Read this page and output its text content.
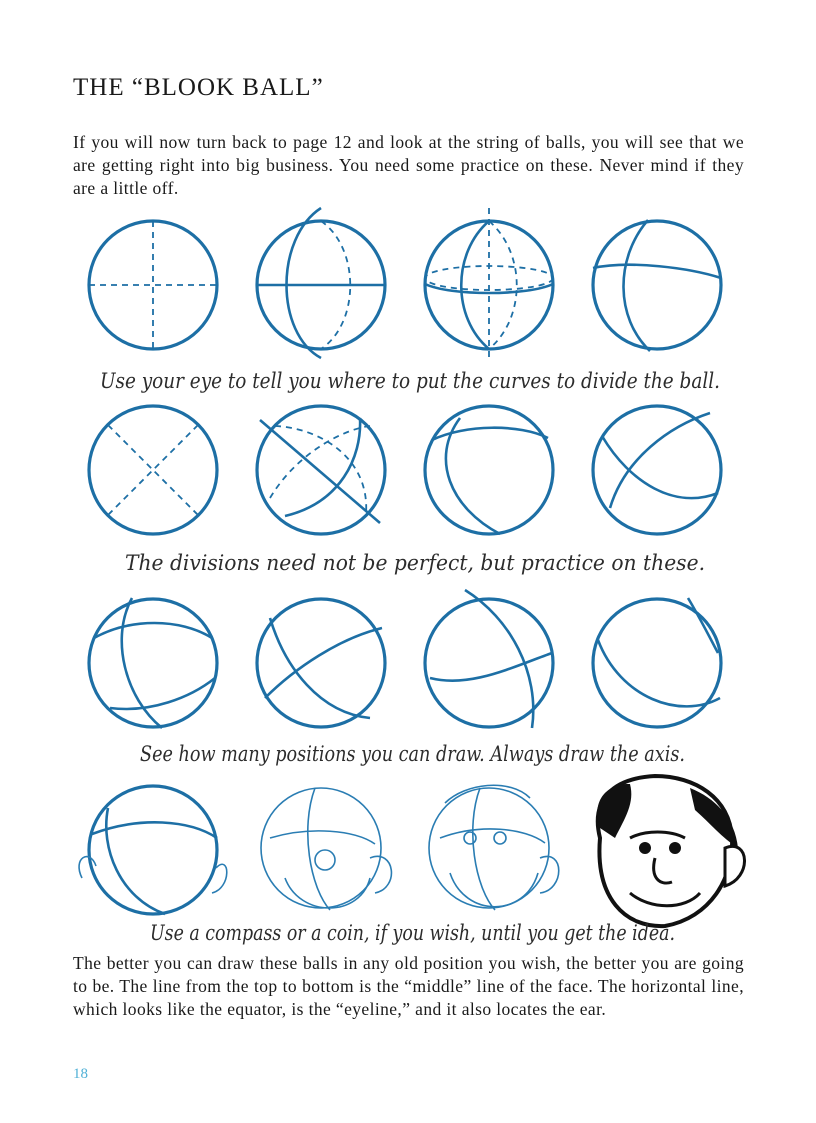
THE “BLOOK BALL”

If you will now turn back to page 12 and look at the string of balls, you will see that we are getting right into big business. You need some practice on these. Never mind if they are a little off.

Use your eye to tell you where to put the curves to divide the ball.
The divisions need not be perfect, but practice on these.
See how many positions you can draw. Always draw the axis.
Use a compass or a coin, if you wish, until you get the idea.

The better you can draw these balls in any old position you wish, the better you are going to be. The line from the top to bottom is the “middle” line of the face. The horizontal line, which looks like the equator, is the “eyeline,” and it also locates the ear.

18
